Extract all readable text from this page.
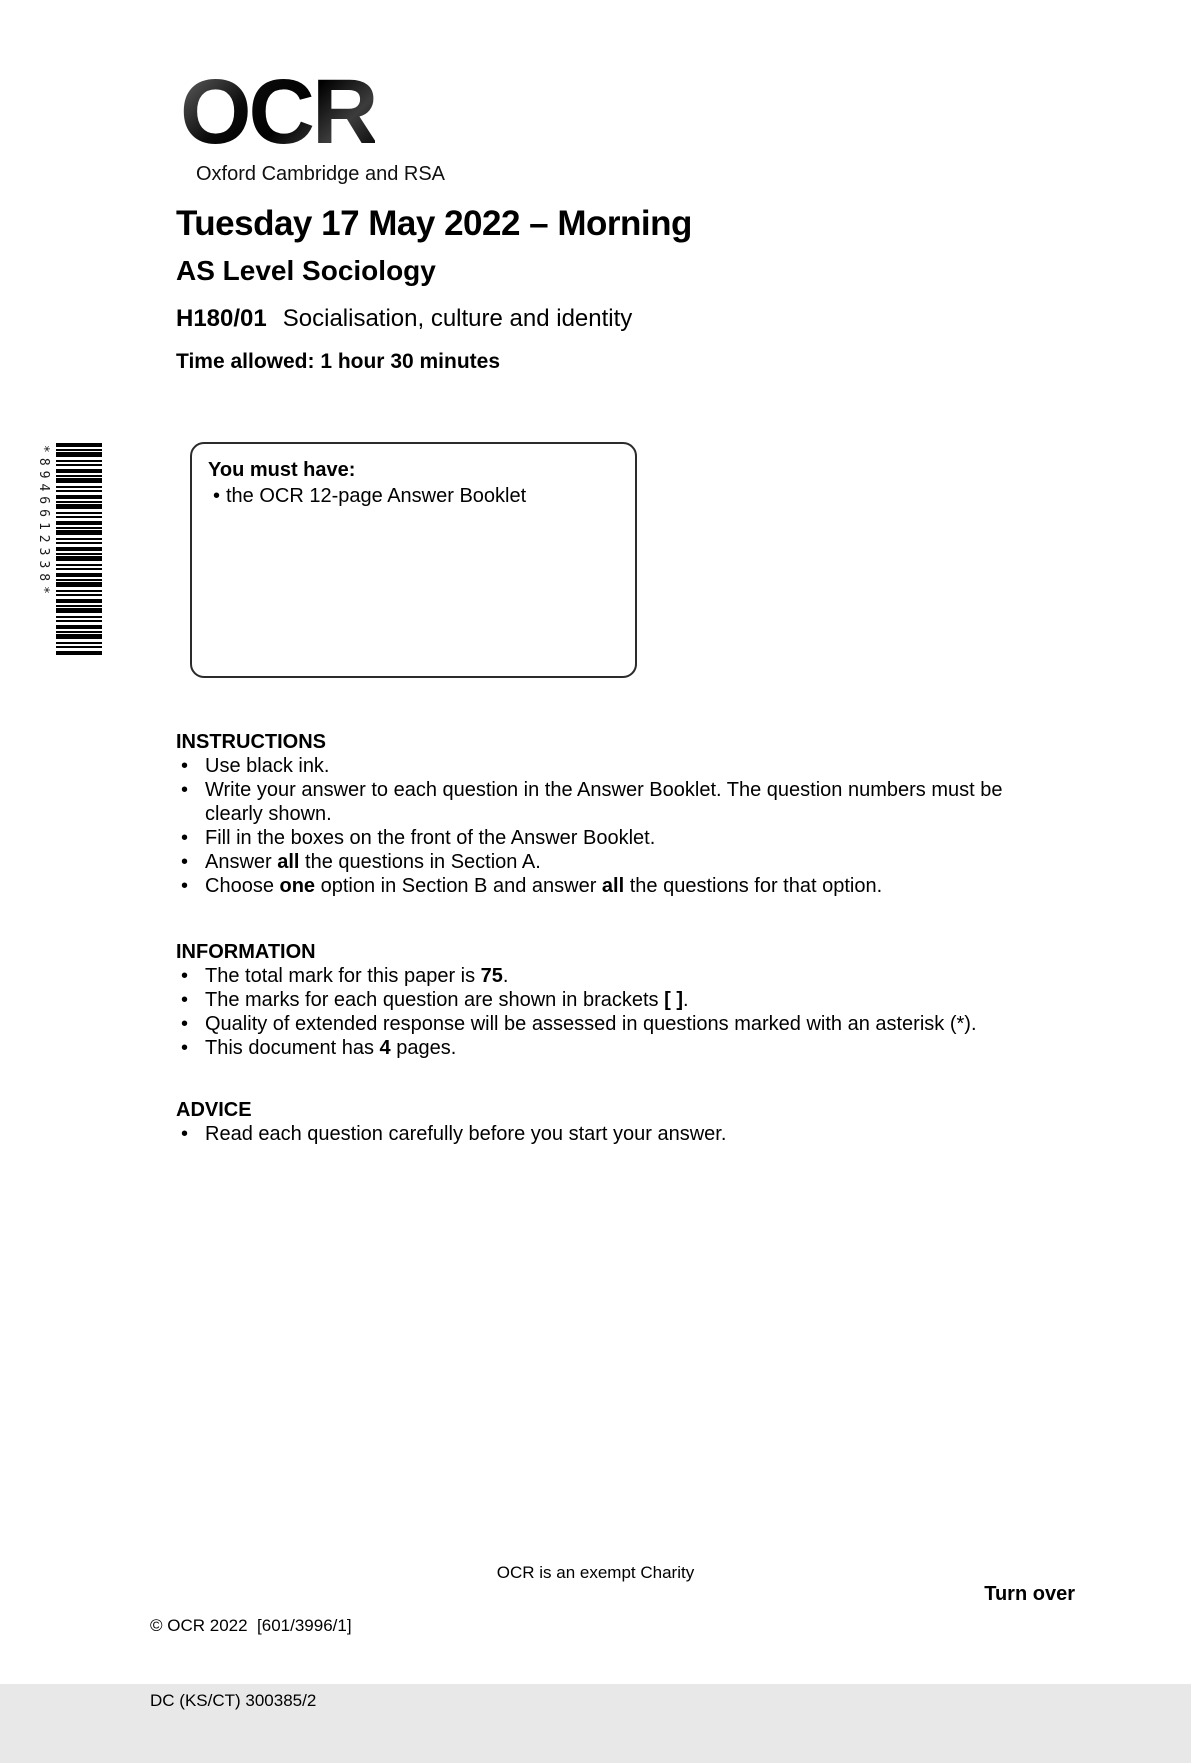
OCR
Oxford Cambridge and RSA
Tuesday 17 May 2022 – Morning
AS Level Sociology
H180/01 Socialisation, culture and identity
Time allowed: 1 hour 30 minutes
*8946612338*	You must have:
• the OCR 12-page Answer Booklet
INSTRUCTIONS
• Use black ink.
• Write your answer to each question in the Answer Booklet. The question numbers must be clearly shown.
• Fill in the boxes on the front of the Answer Booklet.
• Answer all the questions in Section A.
• Choose one option in Section B and answer all the questions for that option.
INFORMATION
• The total mark for this paper is 75.
• The marks for each question are shown in brackets [ ].
• Quality of extended response will be assessed in questions marked with an asterisk (*).
• This document has 4 pages.
ADVICE
• Read each question carefully before you start your answer.

© OCR 2022  [601/3996/1]

DC (KS/CT) 300385/2

OCR is an exempt Charity
Turn over
